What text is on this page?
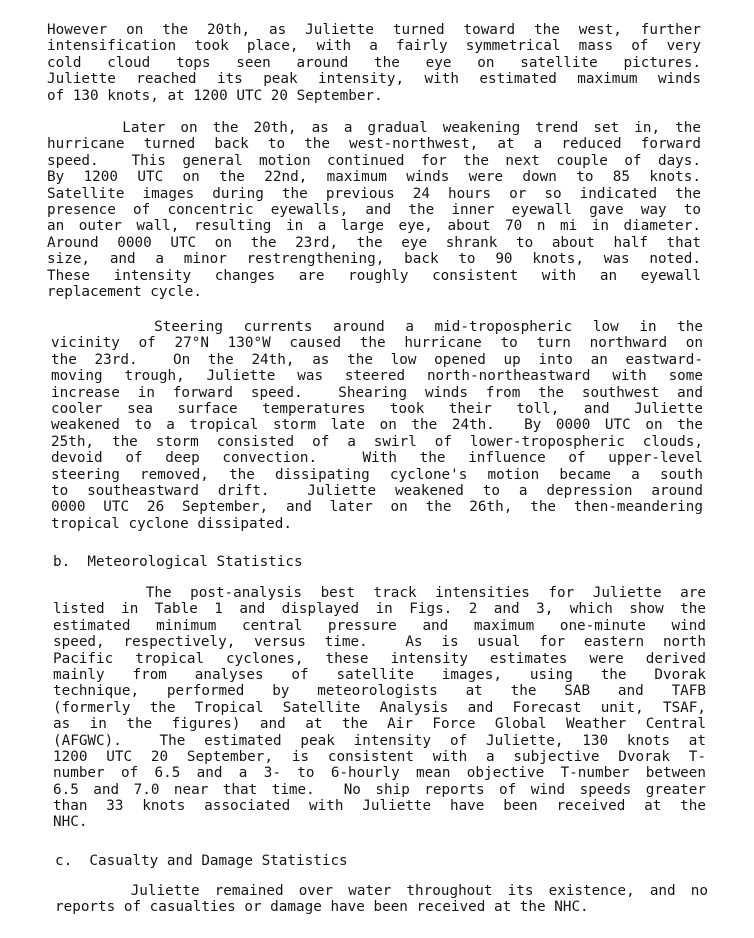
However on the 20th, as Juliette turned toward the west, further
intensification took place, with a fairly symmetrical mass of very
cold cloud tops seen around the eye on satellite pictures.
Juliette reached its peak intensity, with estimated maximum winds
of 130 knots, at 1200 UTC 20 September.
Later on the 20th, as a gradual weakening trend set in, the
hurricane turned back to the west-northwest, at a reduced forward
speed.  This general motion continued for the next couple of days.
By 1200 UTC on the 22nd, maximum winds were down to 85 knots.
Satellite images during the previous 24 hours or so indicated the
presence of concentric eyewalls, and the inner eyewall gave way to
an outer wall, resulting in a large eye, about 70 n mi in diameter.
Around 0000 UTC on the 23rd, the eye shrank to about half that
size, and a minor restrengthening, back to 90 knots, was noted.
These intensity changes are roughly consistent with an eyewall
replacement cycle.
Steering currents around a mid-tropospheric low in the
vicinity of 27°N 130°W caused the hurricane to turn northward on
the 23rd.  On the 24th, as the low opened up into an eastward-
moving trough, Juliette was steered north-northeastward with some
increase in forward speed.  Shearing winds from the southwest and
cooler sea surface temperatures took their toll, and Juliette
weakened to a tropical storm late on the 24th.  By 0000 UTC on the
25th, the storm consisted of a swirl of lower-tropospheric clouds,
devoid of deep convection.  With the influence of upper-level
steering removed, the dissipating cyclone's motion became a south
to southeastward drift.  Juliette weakened to a depression around
0000 UTC 26 September, and later on the 26th, the then-meandering
tropical cyclone dissipated.
b.  Meteorological Statistics
The post-analysis best track intensities for Juliette are
listed in Table 1 and displayed in Figs. 2 and 3, which show the
estimated minimum central pressure and maximum one-minute wind
speed, respectively, versus time.  As is usual for eastern north
Pacific tropical cyclones, these intensity estimates were derived
mainly from analyses of satellite images, using the Dvorak
technique, performed by meteorologists at the SAB and TAFB
(formerly the Tropical Satellite Analysis and Forecast unit, TSAF,
as in the figures) and at the Air Force Global Weather Central
(AFGWC).  The estimated peak intensity of Juliette, 130 knots at
1200 UTC 20 September, is consistent with a subjective Dvorak T-
number of 6.5 and a 3- to 6-hourly mean objective T-number between
6.5 and 7.0 near that time.  No ship reports of wind speeds greater
than 33 knots associated with Juliette have been received at the
NHC.
c.  Casualty and Damage Statistics
Juliette remained over water throughout its existence, and no
reports of casualties or damage have been received at the NHC.
